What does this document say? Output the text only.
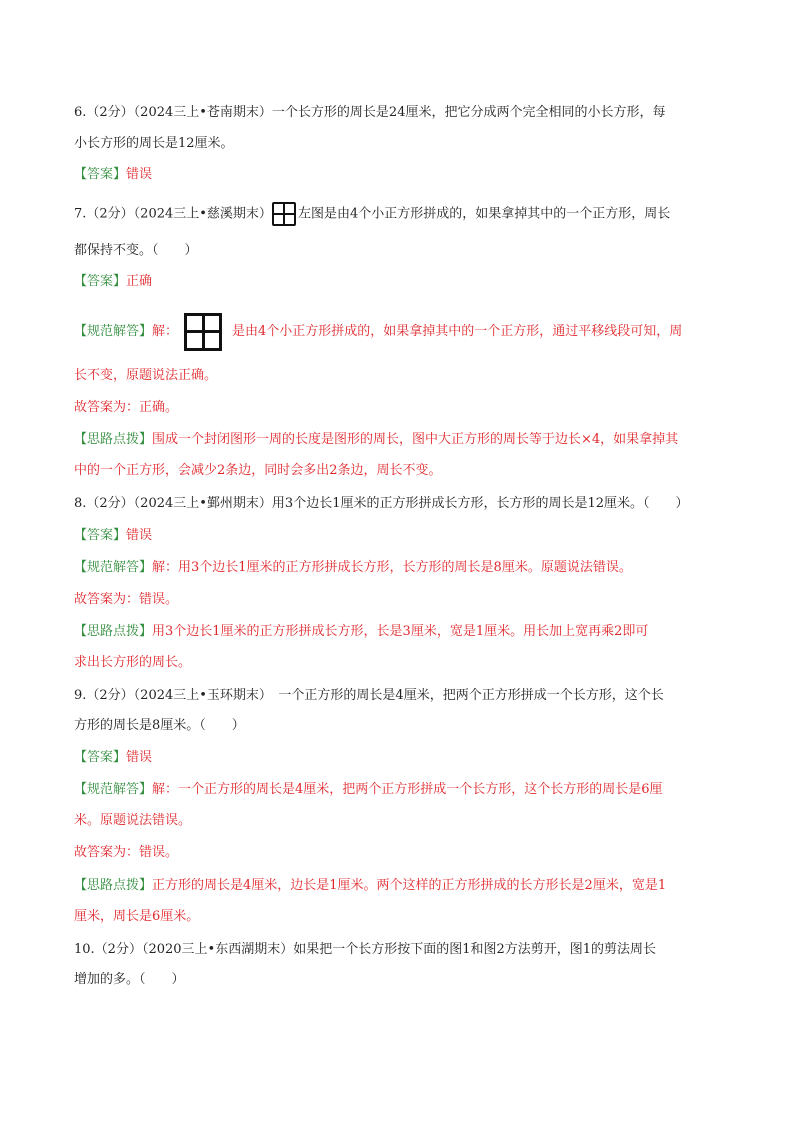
6.（2分）（2024三上•苍南期末）一个长方形的周长是24厘米，把它分成两个完全相同的小长方形，每
小长方形的周长是12厘米。
【答案】错误
7.（2分）（2024三上•慈溪期末） 左图是由4个小正方形拼成的，如果拿掉其中的一个正方形，周长
都保持不变。（　　）
【答案】正确
【规范解答】解：	是由4个小正方形拼成的，如果拿掉其中的一个正方形，通过平移线段可知，周
长不变，原题说法正确。
故答案为：正确。
【思路点拨】围成一个封闭图形一周的长度是图形的周长，图中大正方形的周长等于边长×4，如果拿掉其
中的一个正方形，会减少2条边，同时会多出2条边，周长不变。
8.（2分）（2024三上•鄞州期末）用3个边长1厘米的正方形拼成长方形，长方形的周长是12厘米。（　　）
【答案】错误
【规范解答】解：用3个边长1厘米的正方形拼成长方形，长方形的周长是8厘米。原题说法错误。
故答案为：错误。
【思路点拨】用3个边长1厘米的正方形拼成长方形，长是3厘米，宽是1厘米。用长加上宽再乘2即可
求出长方形的周长。
9.（2分）（2024三上•玉环期末）　一个正方形的周长是4厘米，把两个正方形拼成一个长方形，这个长
方形的周长是8厘米。（　　）
【答案】错误
【规范解答】解：一个正方形的周长是4厘米，把两个正方形拼成一个长方形，这个长方形的周长是6厘
米。原题说法错误。
故答案为：错误。
【思路点拨】正方形的周长是4厘米，边长是1厘米。两个这样的正方形拼成的长方形长是2厘米，宽是1
厘米，周长是6厘米。
10.（2分）（2020三上•东西湖期末）如果把一个长方形按下面的图1和图2方法剪开，图1的剪法周长
增加的多。（　　）
